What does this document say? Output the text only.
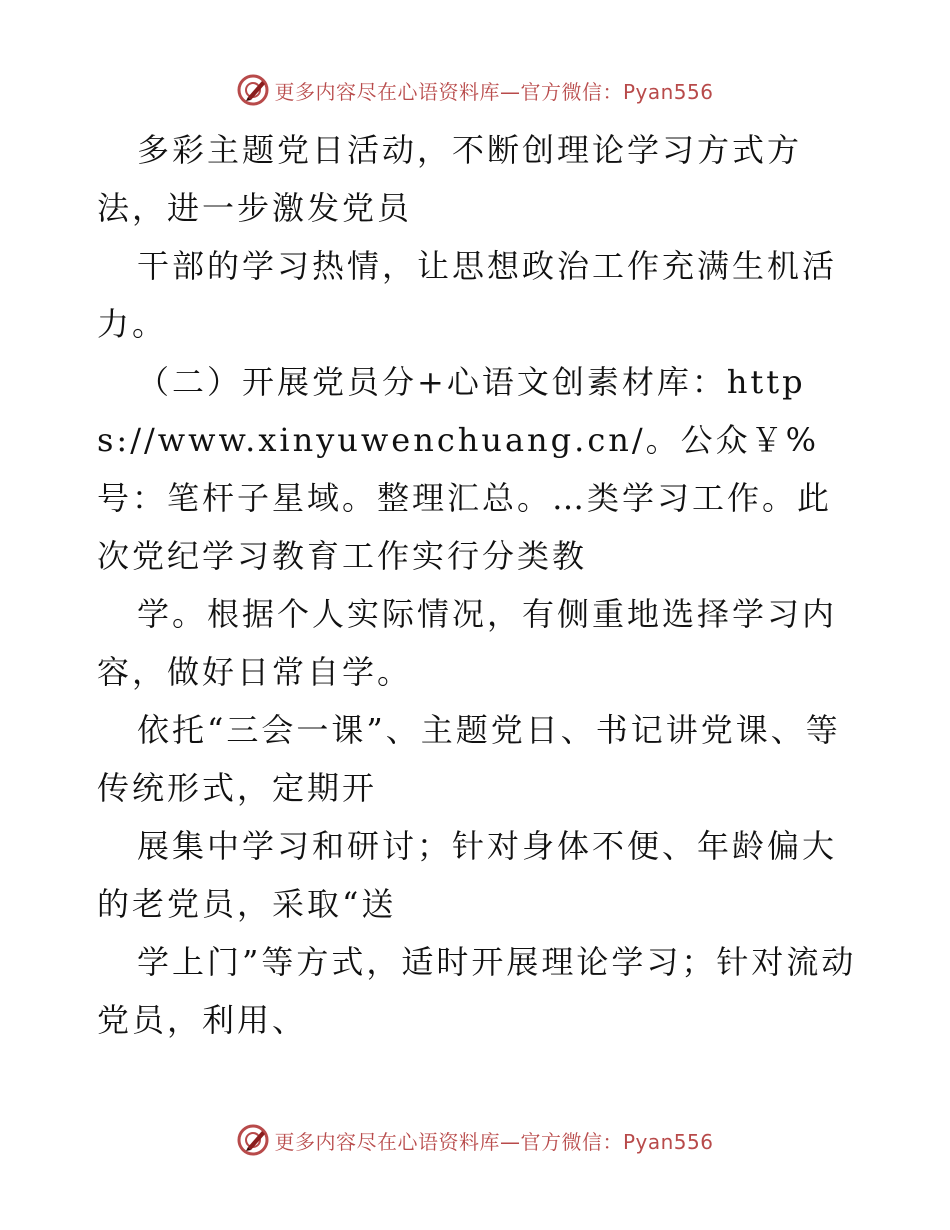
更多内容尽在心语资料库—官方微信：Pyan556

多彩主题党日活动，不断创理论学习方式方法，进一步激发党员

干部的学习热情，让思想政治工作充满生机活力。

（二）开展党员分+心语文创素材库：https://www.xinyuwenchuang.cn/。公众￥%号：笔杆子星域。整理汇总。…类学习工作。此次党纪学习教育工作实行分类教

学。根据个人实际情况，有侧重地选择学习内容，做好日常自学。

依托“三会一课”、主题党日、书记讲党课、等传统形式，定期开

展集中学习和研讨；针对身体不便、年龄偏大的老党员，采取“送

学上门”等方式，适时开展理论学习；针对流动党员，利用、

更多内容尽在心语资料库—官方微信：Pyan556
